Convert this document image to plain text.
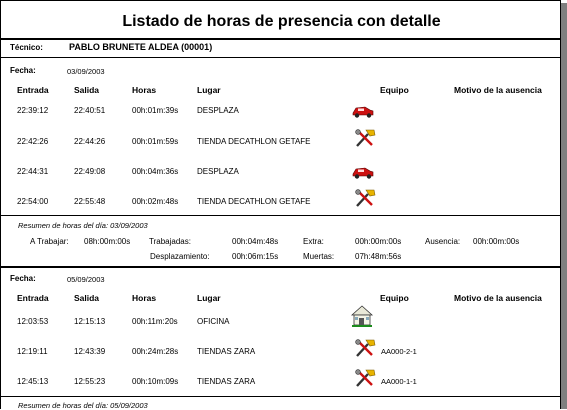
Listado de horas de presencia con detalle
Técnico:	PABLO BRUNETE ALDEA (00001)
Fecha:	03/09/2003
Entrada	Salida	Horas	Lugar	Equipo	Motivo de la ausencia
22:39:12	22:40:51	00h:01m:39s DESPLAZA
22:42:26	22:44:26	00h:01m:59s TIENDA DECATHLON GETAFE
22:44:31	22:49:08	00h:04m:36s DESPLAZA
22:54:00	22:55:48	00h:02m:48s TIENDA DECATHLON GETAFE
Resumen de horas del día: 03/09/2003
A Trabajar: 08h:00m:00s Trabajadas:	00h:04m:48s	Extra:	00h:00m:00s	Ausencia: 00h:00m:00s
Desplazamiento:	00h:06m:15s	Muertas:	07h:48m:56s
Fecha:	05/09/2003
Entrada	Salida	Horas	Lugar	Equipo	Motivo de la ausencia
12:03:53	12:15:13	00h:11m:20s OFICINA
12:19:11	12:43:39	00h:24m:28s TIENDAS ZARA	AA000-2-1
12:45:13	12:55:23	00h:10m:09s TIENDAS ZARA	AA000-1-1
Resumen de horas del día: 05/09/2003
